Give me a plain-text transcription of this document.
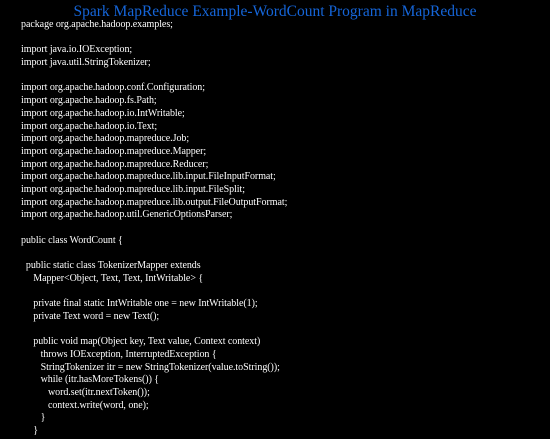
Spark MapReduce Example-WordCount Program in MapReduce
package org.apache.hadoop.examples;
import java.io.IOException;
import java.util.StringTokenizer;
import org.apache.hadoop.conf.Configuration;
import org.apache.hadoop.fs.Path;
import org.apache.hadoop.io.IntWritable;
import org.apache.hadoop.io.Text;
import org.apache.hadoop.mapreduce.Job;
import org.apache.hadoop.mapreduce.Mapper;
import org.apache.hadoop.mapreduce.Reducer;
import org.apache.hadoop.mapreduce.lib.input.FileInputFormat;
import org.apache.hadoop.mapreduce.lib.input.FileSplit;
import org.apache.hadoop.mapreduce.lib.output.FileOutputFormat;
import org.apache.hadoop.util.GenericOptionsParser;
public class WordCount {
public static class TokenizerMapper extends
Mapper<Object, Text, Text, IntWritable> {
private final static IntWritable one = new IntWritable(1);
private Text word = new Text();
public void map(Object key, Text value, Context context)
throws IOException, InterruptedException {
StringTokenizer itr = new StringTokenizer(value.toString());
while (itr.hasMoreTokens()) {
word.set(itr.nextToken());
context.write(word, one);
}
}
